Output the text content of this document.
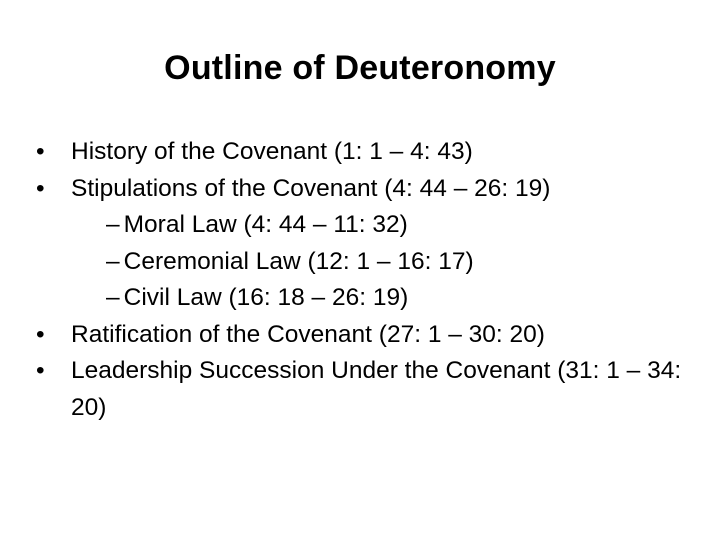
Outline of Deuteronomy
•	History of the Covenant (1: 1 – 4: 43)
•	Stipulations of the Covenant (4: 44 – 26: 19)
– Moral Law (4: 44 – 11: 32)
– Ceremonial Law (12: 1 – 16: 17)
– Civil Law (16: 18 – 26: 19)
•	Ratification of the Covenant (27: 1 – 30: 20)
•	Leadership Succession Under the Covenant (31: 1 – 34: 20)
